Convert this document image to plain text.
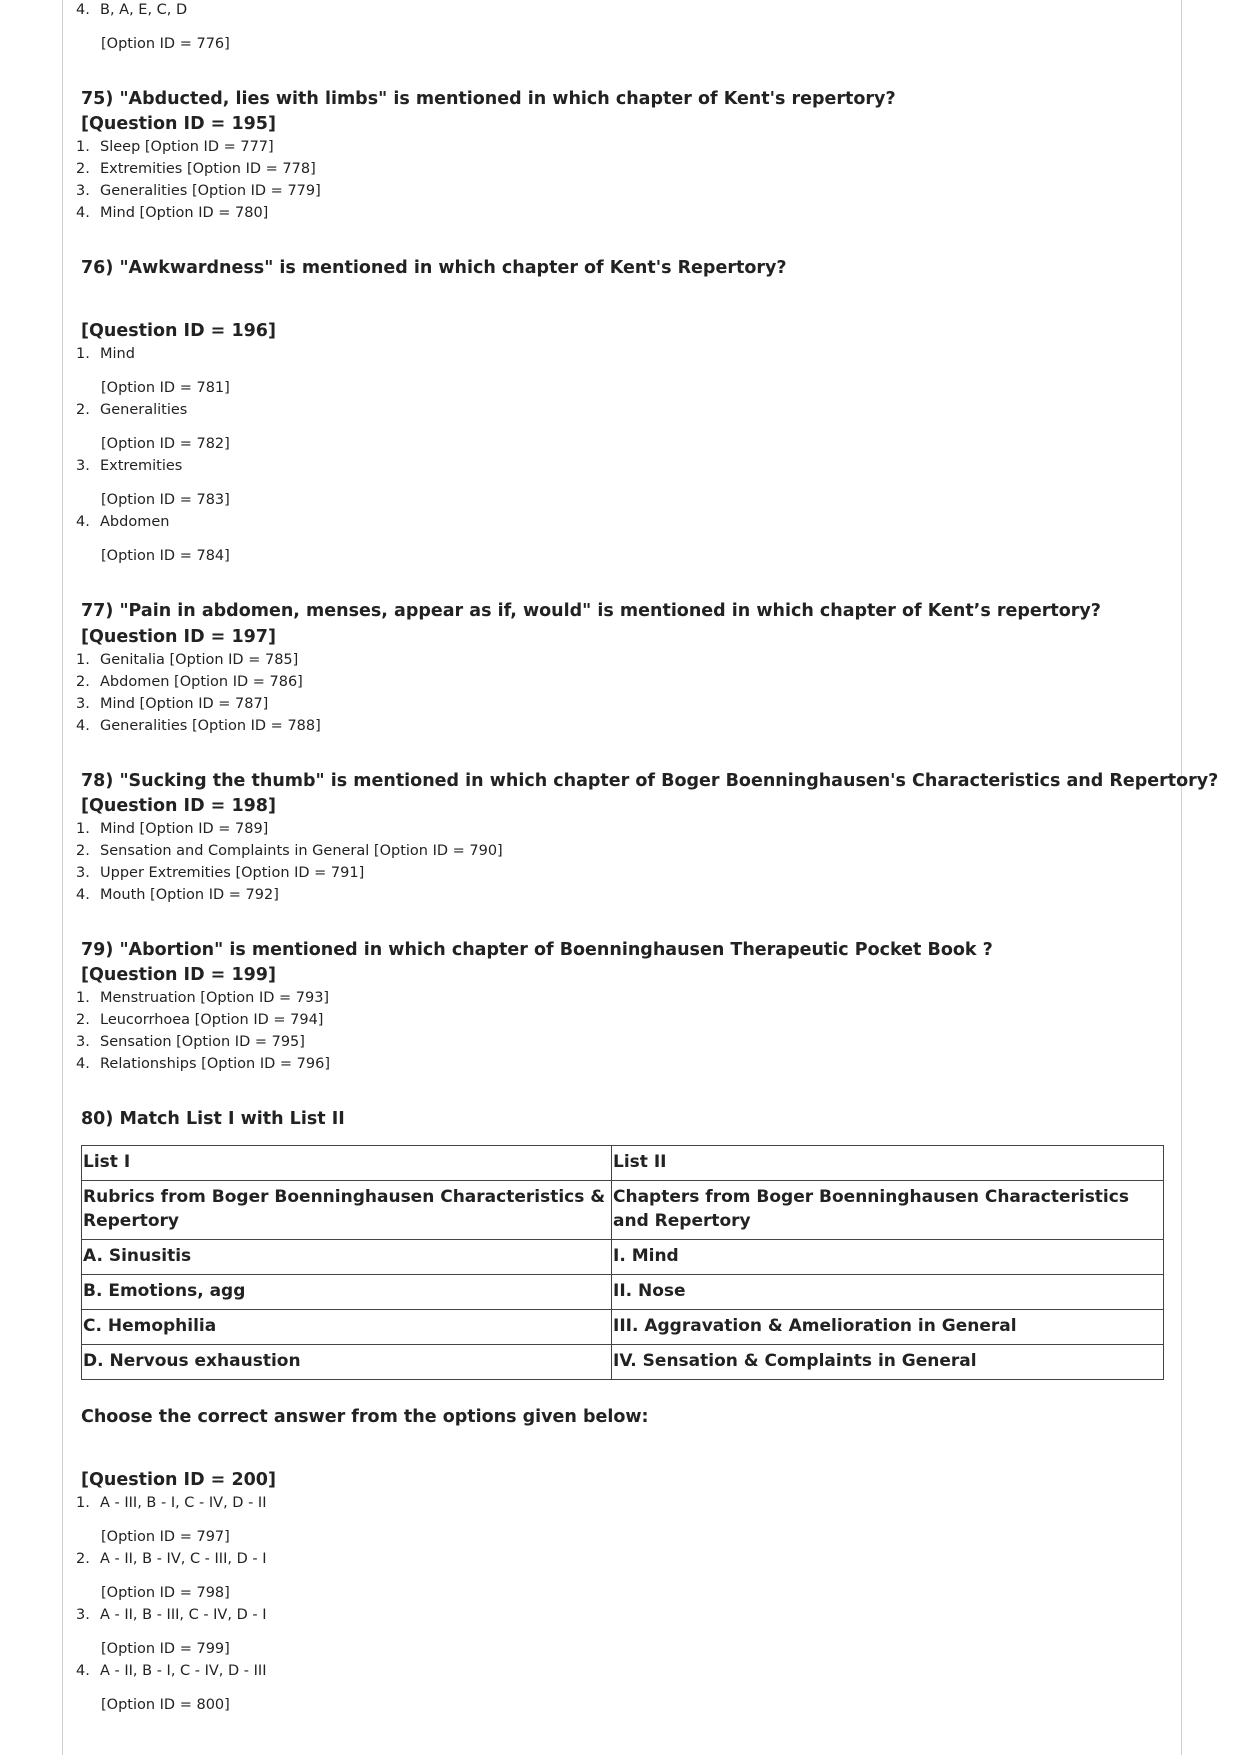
4. B, A, E, C, D
[Option ID = 776]
75) "Abducted, lies with limbs" is mentioned in which chapter of Kent's repertory?
[Question ID = 195]
1. Sleep [Option ID = 777]
2. Extremities [Option ID = 778]
3. Generalities [Option ID = 779]
4. Mind [Option ID = 780]
76) "Awkwardness" is mentioned in which chapter of Kent's Repertory?
[Question ID = 196]
1. Mind
[Option ID = 781]
2. Generalities
[Option ID = 782]
3. Extremities
[Option ID = 783]
4. Abdomen
[Option ID = 784]
77) "Pain in abdomen, menses, appear as if, would" is mentioned in which chapter of Kent’s repertory?
[Question ID = 197]
1. Genitalia [Option ID = 785]
2. Abdomen [Option ID = 786]
3. Mind [Option ID = 787]
4. Generalities [Option ID = 788]
78) "Sucking the thumb" is mentioned in which chapter of Boger Boenninghausen's Characteristics and Repertory?
[Question ID = 198]
1. Mind [Option ID = 789]
2. Sensation and Complaints in General [Option ID = 790]
3. Upper Extremities [Option ID = 791]
4. Mouth [Option ID = 792]
79) "Abortion" is mentioned in which chapter of Boenninghausen Therapeutic Pocket Book ?
[Question ID = 199]
1. Menstruation [Option ID = 793]
2. Leucorrhoea [Option ID = 794]
3. Sensation [Option ID = 795]
4. Relationships [Option ID = 796]
80) Match List I with List II
List I	List II
Rubrics from Boger Boenninghausen Characteristics & Repertory	Chapters from Boger Boenninghausen Characteristics and Repertory
A. Sinusitis	I. Mind
B. Emotions, agg	II. Nose
C. Hemophilia	III. Aggravation & Amelioration in General
D. Nervous exhaustion	IV. Sensation & Complaints in General
Choose the correct answer from the options given below:
[Question ID = 200]
1. A - III, B - I, C - IV, D - II
[Option ID = 797]
2. A - II, B - IV, C - III, D - I
[Option ID = 798]
3. A - II, B - III, C - IV, D - I
[Option ID = 799]
4. A - II, B - I, C - IV, D - III
[Option ID = 800]
